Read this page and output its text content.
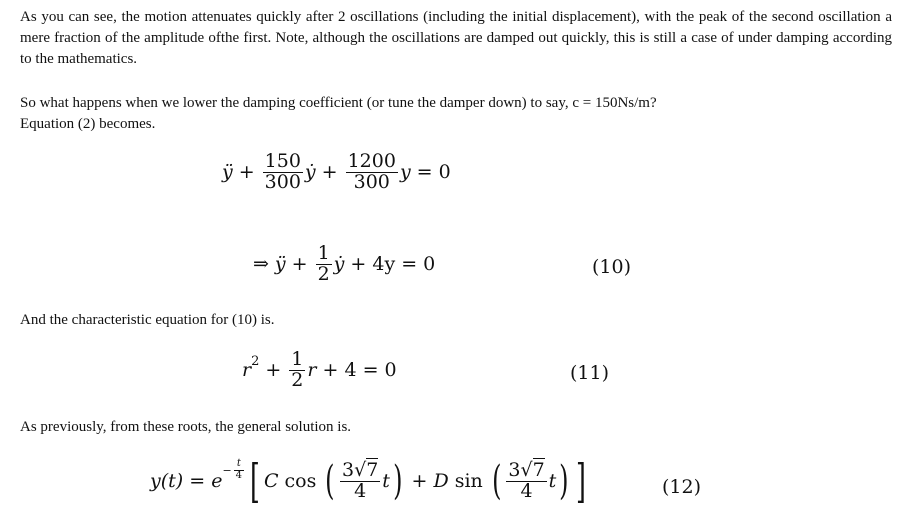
As you can see, the motion attenuates quickly after 2 oscillations (including the initial displacement), with the peak of the second oscillation a mere fraction of the amplitude ofthe first. Note, although the oscillations are damped out quickly, this is still a case of under damping according to the mathematics.

So what happens when we lower the damping coefficient (or tune the damper down) to say, c = 150Ns/m?
Equation (2) becomes.
ÿ + $\frac{150}{300}$ ẏ + $\frac{1200}{300}$ y = 0
⇒ ÿ + $\frac{1}{2}$ ẏ + 4y = 0	(10)
And the characteristic equation for (10) is.
r $2 + \frac{1}{2}$ r + 4 = 0	(11)
As previously, from these roots, the general solution is.
$y(t) = e - \frac{t}{4}$ [ C cos ( $\frac{3√7}{4}$ t ) + D sin ( $\frac{3√7}{4}$ t ) ]	(12)
